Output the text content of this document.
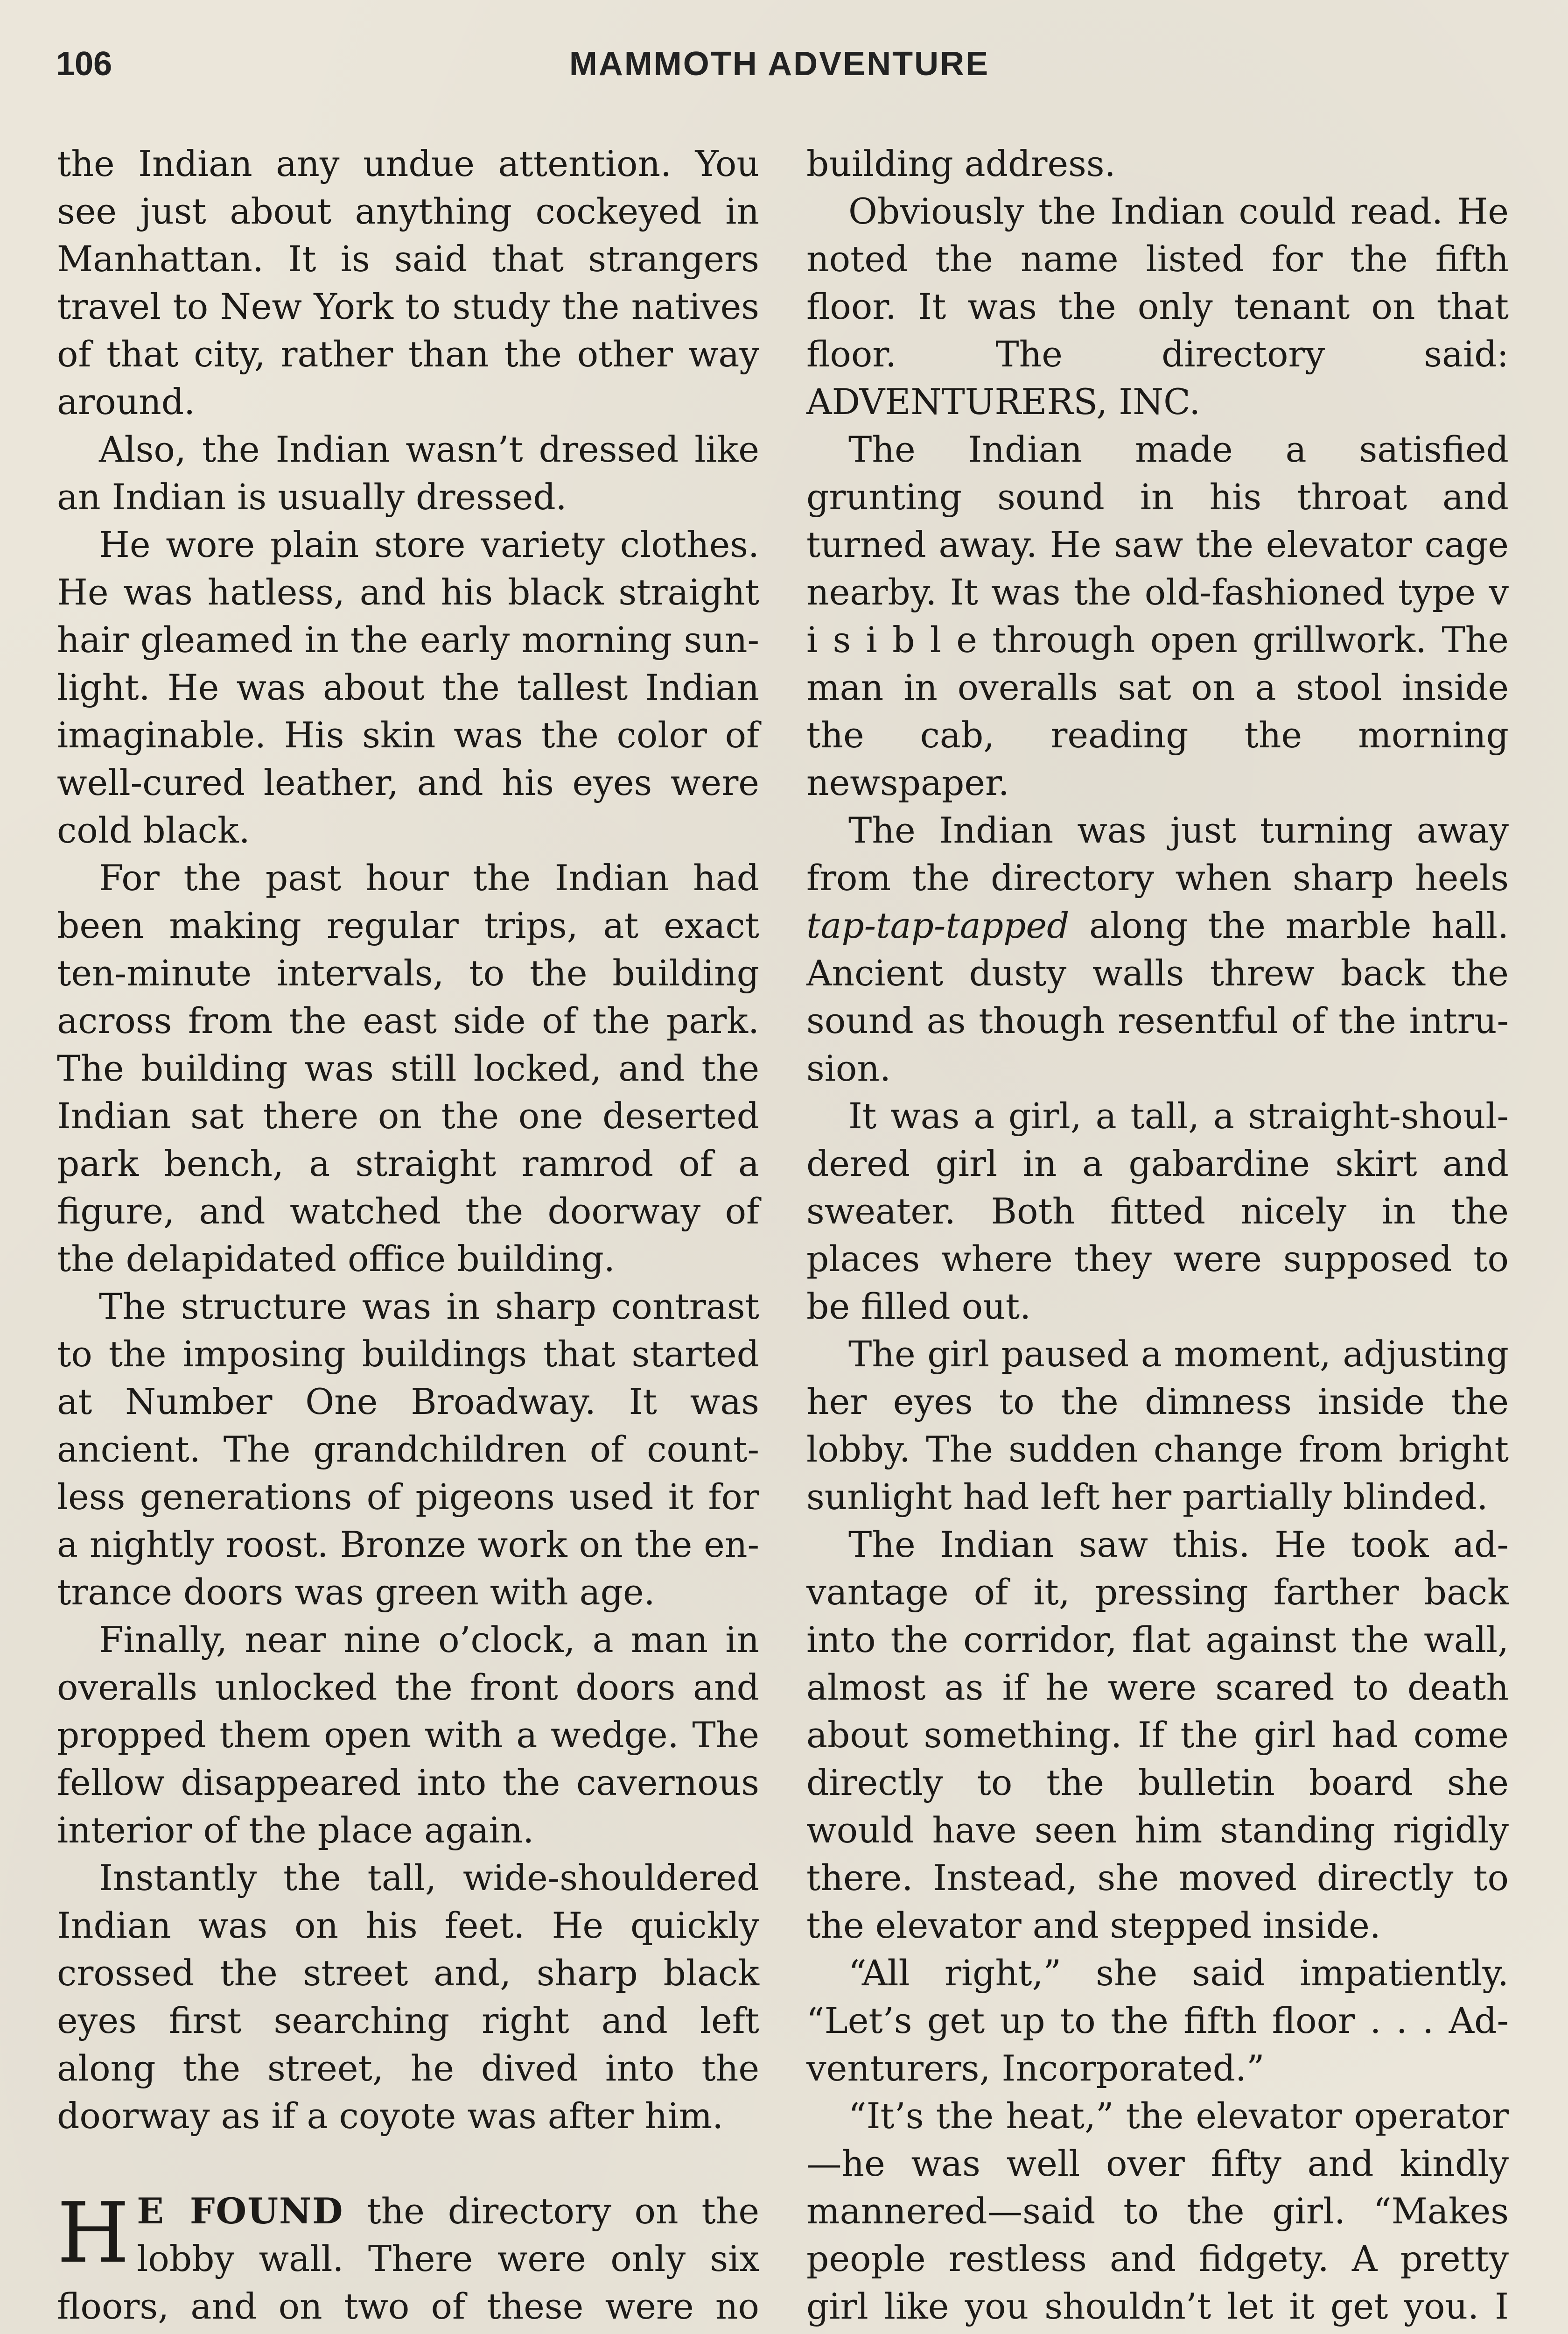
106	MAMMOTH ADVENTURE

the Indian any undue attention. You see just about anything cockeyed in Manhattan. It is said that strangers travel to New York to study the natives of that city, rather than the other way around.

Also, the Indian wasn’t dressed like an Indian is usually dressed.

He wore plain store variety clothes. He was hatless, and his black straight hair gleamed in the early morning sunlight. He was about the tallest Indian imaginable. His skin was the color of well-cured leather, and his eyes were cold black.

For the past hour the Indian had been making regular trips, at exact ten-minute intervals, to the building across from the east side of the park. The building was still locked, and the Indian sat there on the one deserted park bench, a straight ramrod of a figure, and watched the doorway of the delapidated office building.

The structure was in sharp contrast to the imposing buildings that started at Number One Broadway. It was ancient. The grandchildren of countless generations of pigeons used it for a nightly roost. Bronze work on the entrance doors was green with age.

Finally, near nine o’clock, a man in overalls unlocked the front doors and propped them open with a wedge. The fellow disappeared into the cavernous interior of the place again.

Instantly the tall, wide-shouldered Indian was on his feet. He quickly crossed the street and, sharp black eyes first searching right and left along the street, he dived into the doorway as if a coyote was after him.

H E FOUND the directory on the lobby wall. There were only six floors, and on two of these were no

building address.

Obviously the Indian could read. He noted the name listed for the fifth floor. It was the only tenant on that floor. The directory said: ADVENTURERS, INC.

The Indian made a satisfied grunting sound in his throat and turned away. He saw the elevator cage nearby. It was the old-fashioned type v i s i b l e through open grillwork. The man in overalls sat on a stool inside the cab, reading the morning newspaper.

The Indian was just turning away from the directory when sharp heels tap-tap-tapped along the marble hall. Ancient dusty walls threw back the sound as though resentful of the intrusion.

It was a girl, a tall, a straight-shouldered girl in a gabardine skirt and sweater. Both fitted nicely in the places where they were supposed to be filled out.

The girl paused a moment, adjusting her eyes to the dimness inside the lobby. The sudden change from bright sunlight had left her partially blinded.

The Indian saw this. He took advantage of it, pressing farther back into the corridor, flat against the wall, almost as if he were scared to death about something. If the girl had come directly to the bulletin board she would have seen him standing rigidly there. Instead, she moved directly to the elevator and stepped inside.

“All right,” she said impatiently. “Let’s get up to the fifth floor . . . Adventurers, Incorporated.”

“It’s the heat,” the elevator operator —he was well over fifty and kindly mannered—said to the girl. “Makes people restless and fidgety. A pretty girl like you shouldn’t let it get you. I
